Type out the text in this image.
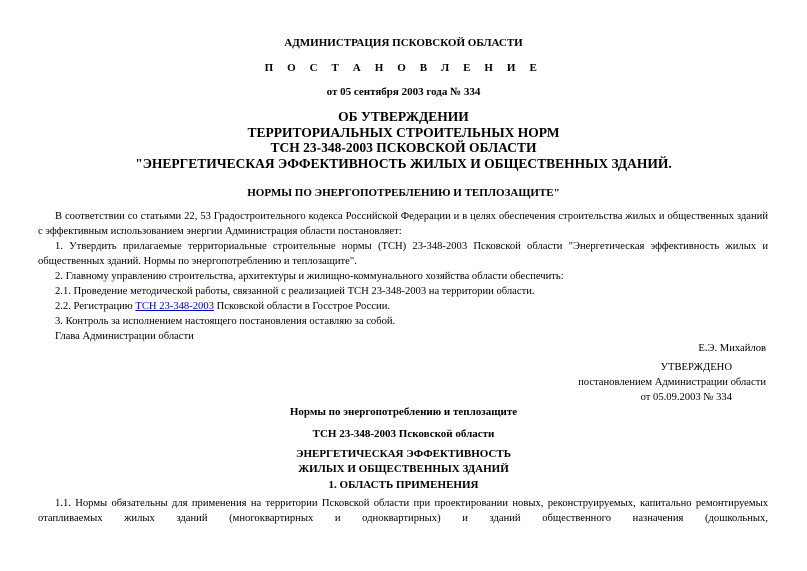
АДМИНИСТРАЦИЯ ПСКОВСКОЙ ОБЛАСТИ
П О С Т А Н О В Л Е Н И Е
от 05 сентября 2003 года № 334
ОБ УТВЕРЖДЕНИИ
ТЕРРИТОРИАЛЬНЫХ СТРОИТЕЛЬНЫХ НОРМ
ТСН 23-348-2003 ПСКОВСКОЙ ОБЛАСТИ
"ЭНЕРГЕТИЧЕСКАЯ ЭФФЕКТИВНОСТЬ ЖИЛЫХ И ОБЩЕСТВЕННЫХ ЗДАНИЙ.
НОРМЫ ПО ЭНЕРГОПОТРЕБЛЕНИЮ И ТЕПЛОЗАЩИТЕ"

В соответствии со статьями 22, 53 Градостроительного кодекса Российской Федерации и в целях обеспечения строительства жилых и общественных зданий с эффективным использованием энергии Администрация области постановляет:

1. Утвердить прилагаемые территориальные строительные нормы (ТСН) 23-348-2003 Псковской области "Энергетическая эффективность жилых и общественных зданий. Нормы по энергопотреблению и теплозащите".

2. Главному управлению строительства, архитектуры и жилищно-коммунального хозяйства области обеспечить:

2.1. Проведение методической работы, связанной с реализацией ТСН 23-348-2003 на территории области.

2.2. Регистрацию ТСН 23-348-2003 Псковской области в Госстрое России.

3. Контроль за исполнением настоящего постановления оставляю за собой.

Глава Администрации области

Е.Э. Михайлов
УТВЕРЖДЕНО
постановлением Администрации области
от 05.09.2003 № 334
Нормы по энергопотреблению и теплозащите
ТСН 23-348-2003 Псковской области
ЭНЕРГЕТИЧЕСКАЯ ЭФФЕКТИВНОСТЬ
ЖИЛЫХ И ОБЩЕСТВЕННЫХ ЗДАНИЙ
1. ОБЛАСТЬ ПРИМЕНЕНИЯ

1.1. Нормы обязательны для применения на территории Псковской области при проектировании новых, реконструируемых, капитально ремонтируемых отапливаемых жилых зданий (многоквартирных и одноквартирных) и зданий общественного назначения (дошкольных,
